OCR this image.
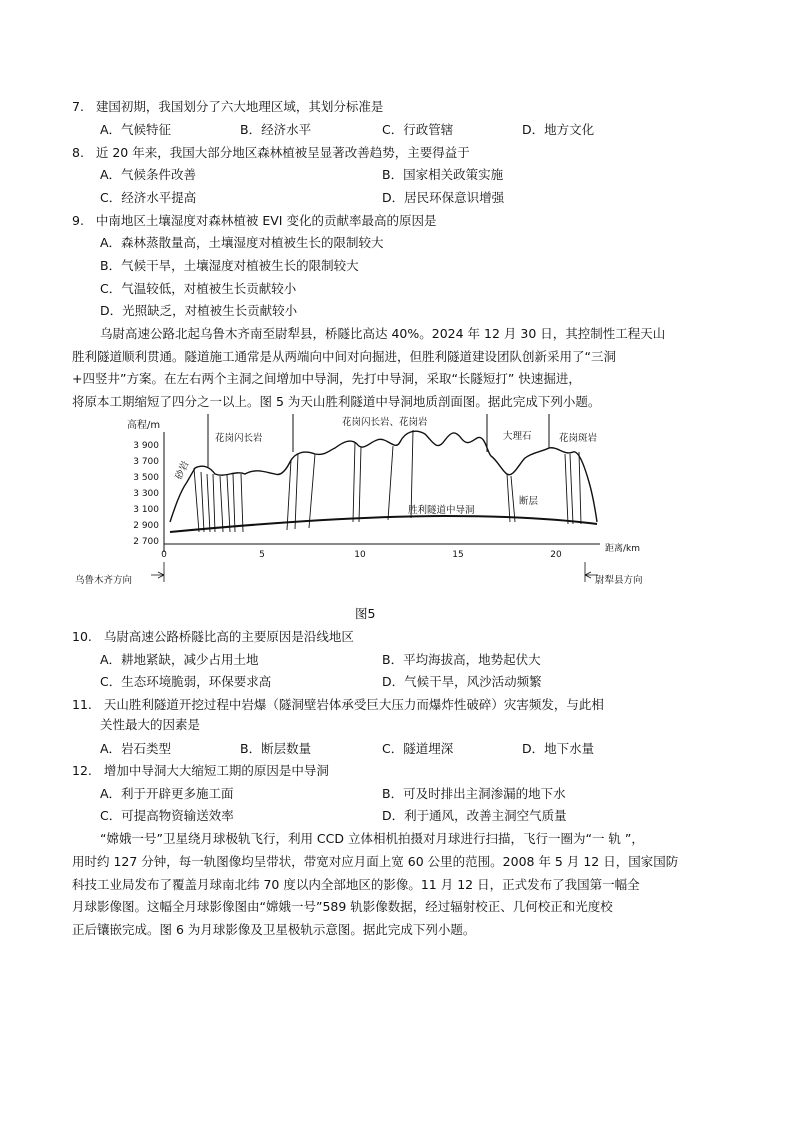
7. 建国初期，我国划分了六大地理区域，其划分标准是
A．气候特征	B．经济水平	C．行政管辖	D．地方文化
8. 近 20 年来，我国大部分地区森林植被呈显著改善趋势，主要得益于
A．气候条件改善	B．国家相关政策实施
C．经济水平提高	D．居民环保意识增强
9. 中南地区土壤湿度对森林植被 EVI 变化的贡献率最高的原因是
A．森林蒸散量高，土壤湿度对植被生长的限制较大
B．气候干旱，土壤湿度对植被生长的限制较大
C．气温较低，对植被生长贡献较小
D．光照缺乏，对植被生长贡献较小
乌尉高速公路北起乌鲁木齐南至尉犁县，桥隧比高达 40%。2024 年 12 月 30 日，其控制性工程天山
胜利隧道顺利贯通。隧道施工通常是从两端向中间对向掘进，但胜利隧道建设团队创新采用了“三洞
+四竖井”方案。在左右两个主洞之间增加中导洞，先打中导洞，采取“长隧短打” 快速掘进，
将原本工期缩短了四分之一以上。图 5 为天山胜利隧道中导洞地质剖面图。据此完成下列小题。
高程/m
3 900
3 700
3 500
3 300
3 100
2 900
2 700
0	5	10	15	20
距离/km
花岗闪长岩
花岗闪长岩、花岗岩
大理石	花岗斑岩
砂岩
断层
胜利隧道中导洞
乌鲁木齐方向	尉犁县方向
图5
10. 乌尉高速公路桥隧比高的主要原因是沿线地区
A．耕地紧缺，减少占用土地	B．平均海拔高，地势起伏大
C．生态环境脆弱，环保要求高	D．气候干旱，风沙活动频繁
11. 天山胜利隧道开挖过程中岩爆（隧洞壁岩体承受巨大压力而爆炸性破碎）灾害频发，与此相
关性最大的因素是
A．岩石类型	B．断层数量	C．隧道埋深	D．地下水量
12. 增加中导洞大大缩短工期的原因是中导洞
A．利于开辟更多施工面	B．可及时排出主洞渗漏的地下水
C．可提高物资输送效率	D．利于通风，改善主洞空气质量
“嫦娥一号”卫星绕月球极轨飞行，利用 CCD 立体相机拍摄对月球进行扫描，飞行一圈为“一 轨 ”，
用时约 127 分钟，每一轨图像均呈带状，带宽对应月面上宽 60 公里的范围。2008 年 5 月 12 日，国家国防
科技工业局发布了覆盖月球南北纬 70 度以内全部地区的影像。11 月 12 日，正式发布了我国第一幅全
月球影像图。这幅全月球影像图由“嫦娥一号”589 轨影像数据，经过辐射校正、几何校正和光度校
正后镶嵌完成。图 6 为月球影像及卫星极轨示意图。据此完成下列小题。
